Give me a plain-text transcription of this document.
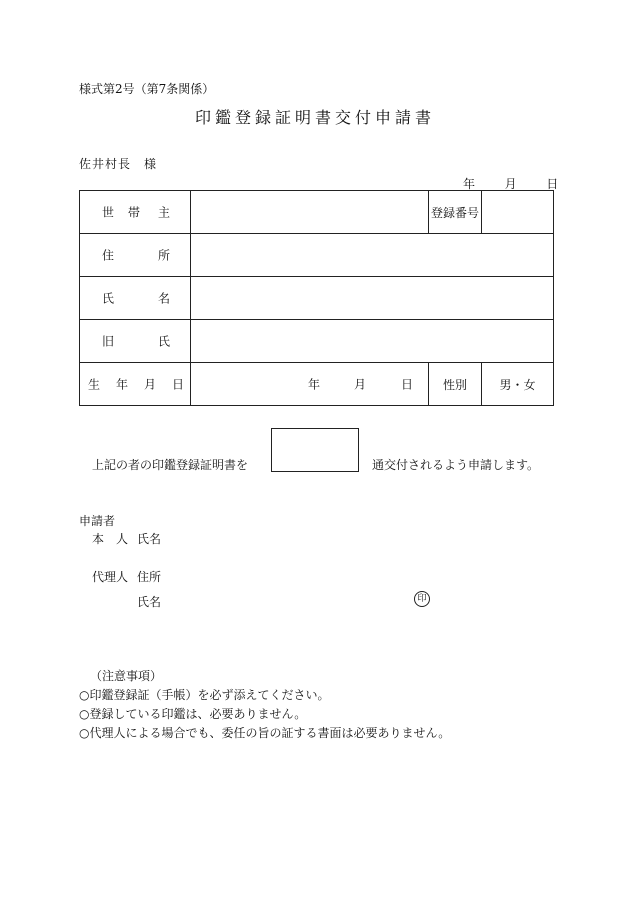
様式第2号（第7条関係）
印鑑登録証明書交付申請書
佐井村長　様
年 月 日
世 帯 主		登録番号	

住 所			

氏 名			

旧 氏			

生 年 月 日	年 月 日	性別	男・女
上記の者の印鑑登録証明書を	通交付されるよう申請します。
申請者
本　人 氏名
代理人 住所
氏名	印
（注意事項）
○印鑑登録証（手帳）を必ず添えてください。
○登録している印鑑は、必要ありません。
○代理人による場合でも、委任の旨の証する書面は必要ありません。
